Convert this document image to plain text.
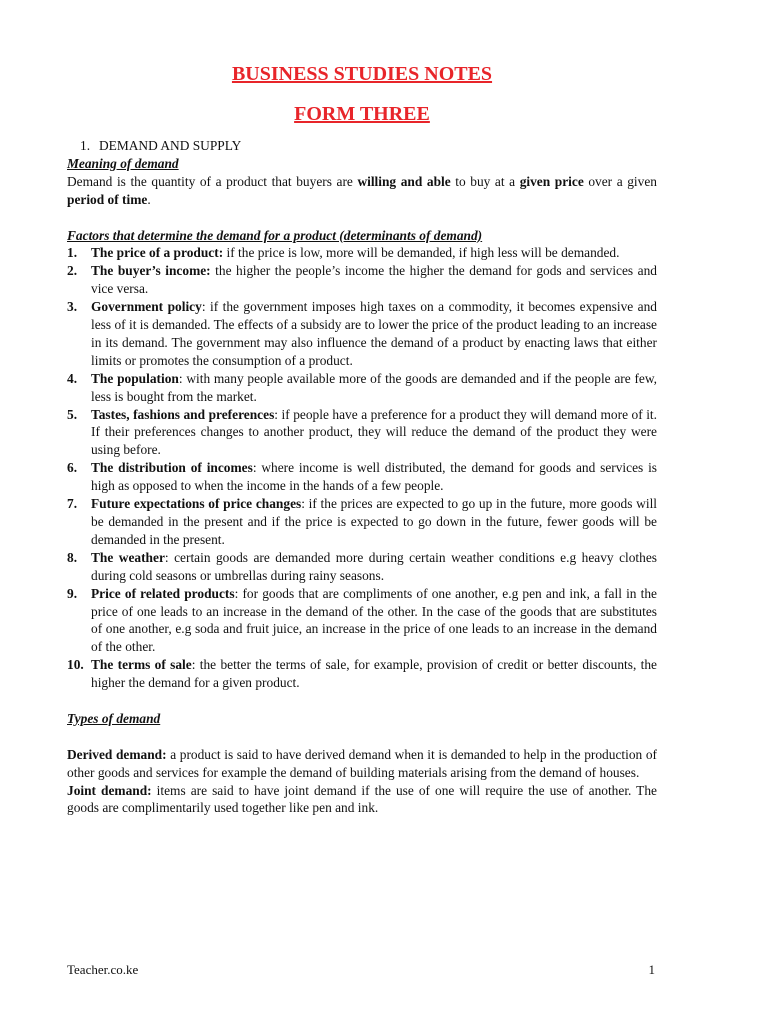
BUSINESS STUDIES NOTES
FORM THREE
1. DEMAND AND SUPPLY

Meaning of demand

Demand is the quantity of a product that buyers are willing and able to buy at a given price over a given period of time.

Factors that determine the demand for a product (determinants of demand)

1. The price of a product: if the price is low, more will be demanded, if high less will be demanded.
2. The buyer’s income: the higher the people’s income the higher the demand for gods and services and vice versa.
3. Government policy: if the government imposes high taxes on a commodity, it becomes expensive and less of it is demanded. The effects of a subsidy are to lower the price of the product leading to an increase in its demand. The government may also influence the demand of a product by enacting laws that either limits or promotes the consumption of a product.
4. The population: with many people available more of the goods are demanded and if the people are few, less is bought from the market.
5. Tastes, fashions and preferences: if people have a preference for a product they will demand more of it. If their preferences changes to another product, they will reduce the demand of the product they were using before.
6. The distribution of incomes: where income is well distributed, the demand for goods and services is high as opposed to when the income in the hands of a few people.
7. Future expectations of price changes: if the prices are expected to go up in the future, more goods will be demanded in the present and if the price is expected to go down in the future, fewer goods will be demanded in the present.
8. The weather: certain goods are demanded more during certain weather conditions e.g heavy clothes during cold seasons or umbrellas during rainy seasons.
9. Price of related products: for goods that are compliments of one another, e.g pen and ink, a fall in the price of one leads to an increase in the demand of the other. In the case of the goods that are substitutes of one another, e.g soda and fruit juice, an increase in the price of one leads to an increase in the demand of the other.
10. The terms of sale: the better the terms of sale, for example, provision of credit or better discounts, the higher the demand for a given product.

Types of demand

Derived demand: a product is said to have derived demand when it is demanded to help in the production of other goods and services for example the demand of building materials arising from the demand of houses.

Joint demand: items are said to have joint demand if the use of one will require the use of another. The goods are complimentarily used together like pen and ink.

Teacher.co.ke	1
